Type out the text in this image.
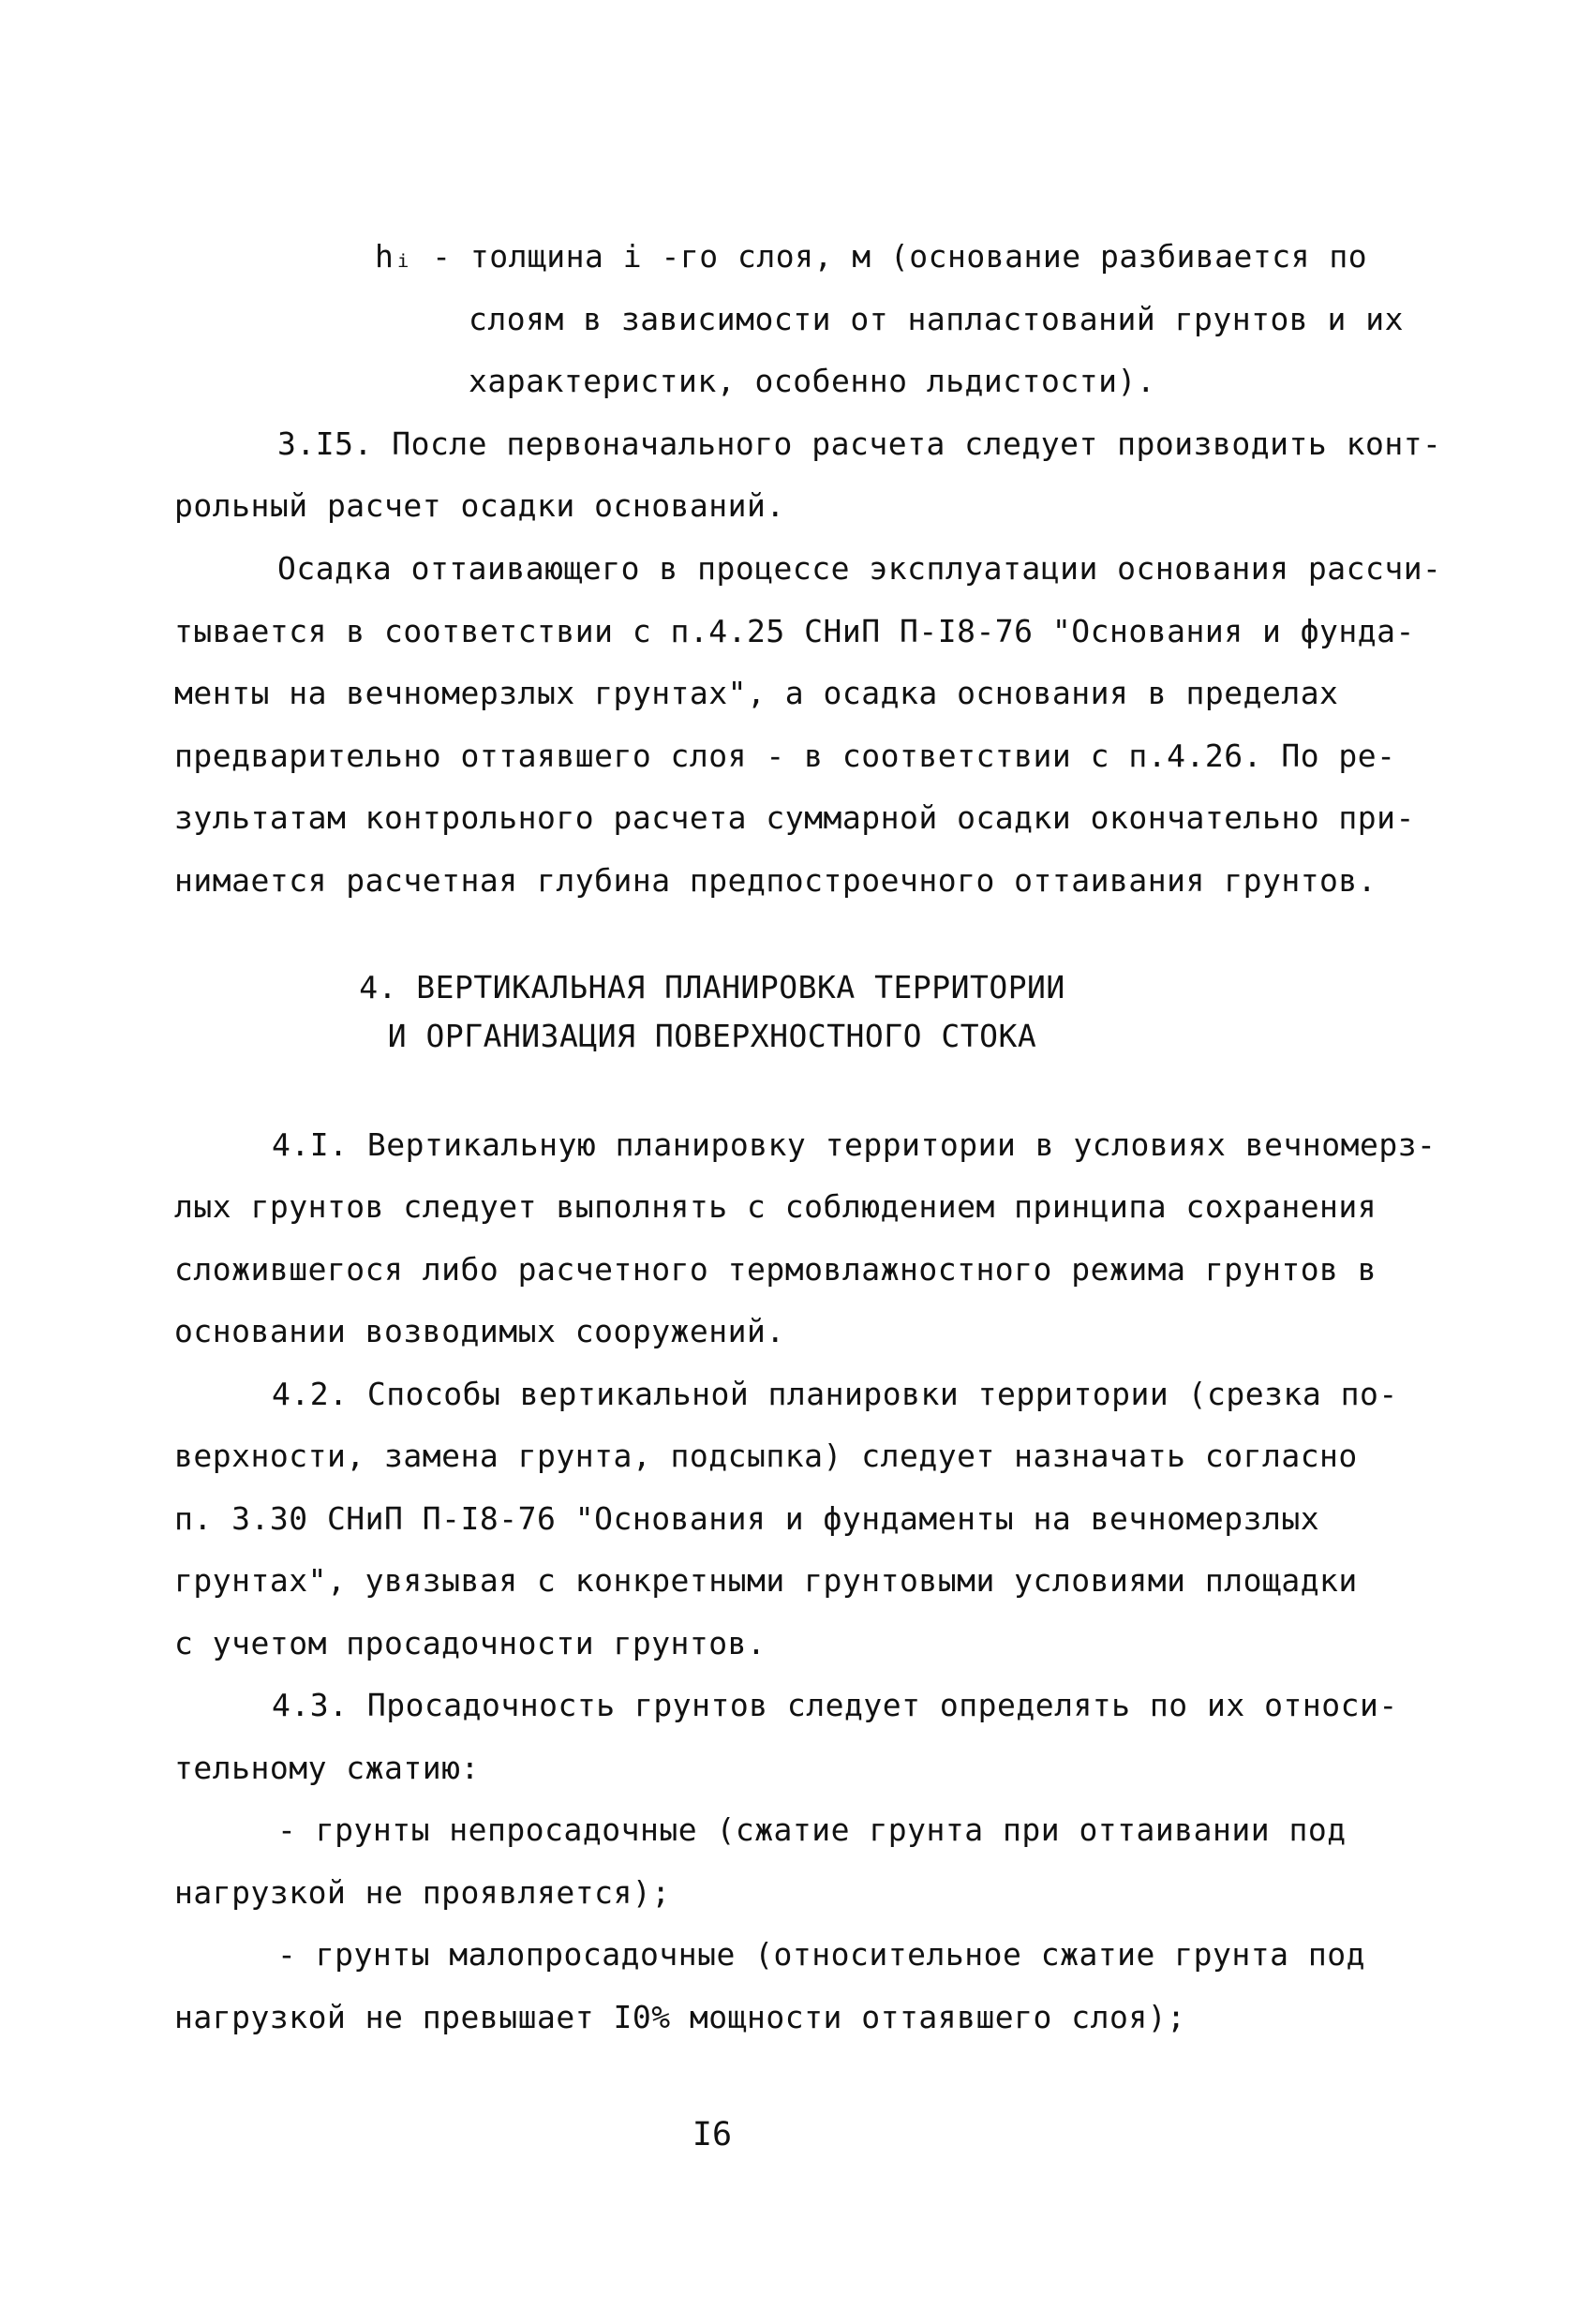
hᵢ - толщина i -го слоя, м (основание разбивается по
слоям в зависимости от напластований грунтов и их
характеристик, особенно льдистости).
3.I5. После первоначального расчета следует производить конт-
рольный расчет осадки оснований.
Осадка оттаивающего в процессе эксплуатации основания рассчи-
тывается в соответствии с п.4.25 СНиП П-I8-76 "Основания и фунда-
менты на вечномерзлых грунтах", а осадка основания в пределах
предварительно оттаявшего слоя - в соответствии с п.4.26. По ре-
зультатам контрольного расчета суммарной осадки окончательно при-
нимается расчетная глубина предпостроечного оттаивания грунтов.
4. ВЕРТИКАЛЬНАЯ ПЛАНИРОВКА ТЕРРИТОРИИ
И ОРГАНИЗАЦИЯ ПОВЕРХНОСТНОГО СТОКА
4.I. Вертикальную планировку территории в условиях вечномерз-
лых грунтов следует выполнять с соблюдением принципа сохранения
сложившегося либо расчетного термовлажностного режима грунтов в
основании возводимых сооружений.
4.2. Способы вертикальной планировки территории (срезка по-
верхности, замена грунта, подсыпка) следует назначать согласно
п. 3.30 СНиП П-I8-76 "Основания и фундаменты на вечномерзлых
грунтах", увязывая с конкретными грунтовыми условиями площадки
с учетом просадочности грунтов.
4.3. Просадочность грунтов следует определять по их относи-
тельному сжатию:
- грунты непросадочные (сжатие грунта при оттаивании под
нагрузкой не проявляется);
- грунты малопросадочные (относительное сжатие грунта под
нагрузкой не превышает I0% мощности оттаявшего слоя);
I6
